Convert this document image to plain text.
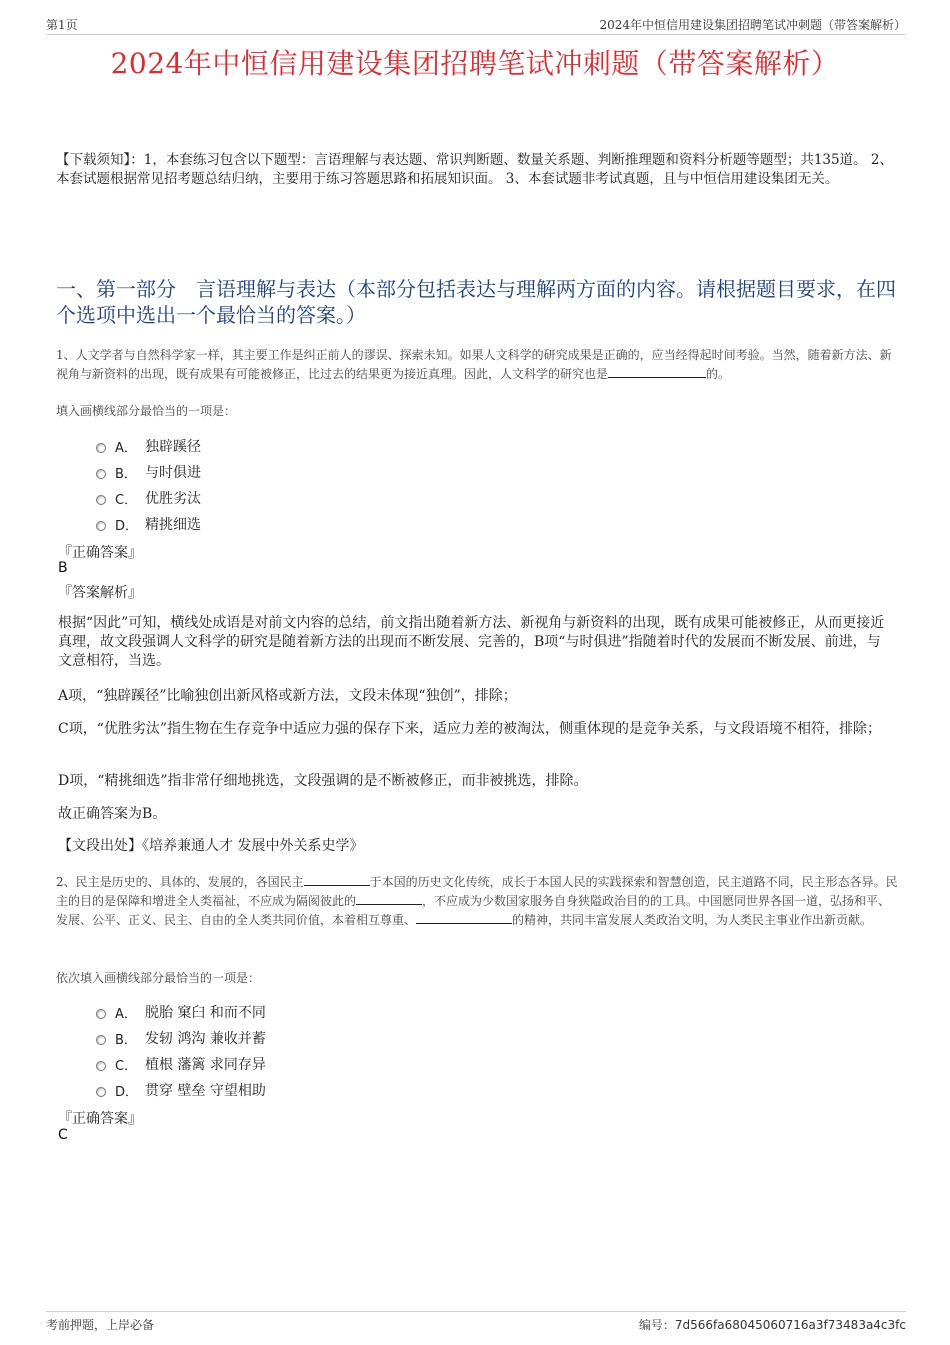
第1页	2024年中恒信用建设集团招聘笔试冲刺题（带答案解析）
2024年中恒信用建设集团招聘笔试冲刺题（带答案解析）
【下载须知】：1，本套练习包含以下题型：言语理解与表达题、常识判断题、数量关系题、判断推理题和资料分析题等题型；共135道。 2、本套试题根据常见招考题总结归纳，主要用于练习答题思路和拓展知识面。 3、本套试题非考试真题，且与中恒信用建设集团无关。
一、第一部分　言语理解与表达（本部分包括表达与理解两方面的内容。请根据题目要求，在四个选项中选出一个最恰当的答案。）
1、人文学者与自然科学家一样，其主要工作是纠正前人的谬误、探索未知。如果人文科学的研究成果是正确的，应当经得起时间考验。当然，随着新方法、新视角与新资料的出现，既有成果有可能被修正，比过去的结果更为接近真理。因此，人文科学的研究也是	的。
填入画横线部分最恰当的一项是：
A． 独辟蹊径
B． 与时俱进
C． 优胜劣汰
D． 精挑细选
『正确答案』
B
『答案解析』
根据“因此”可知，横线处成语是对前文内容的总结，前文指出随着新方法、新视角与新资料的出现，既有成果可能被修正，从而更接近真理，故文段强调人文科学的研究是随着新方法的出现而不断发展、完善的，B项“与时俱进”指随着时代的发展而不断发展、前进，与文意相符，当选。
A项，“独辟蹊径”比喻独创出新风格或新方法，文段未体现“独创”，排除；
C项，“优胜劣汰”指生物在生存竞争中适应力强的保存下来，适应力差的被淘汰，侧重体现的是竞争关系，与文段语境不相符，排除；
D项，“精挑细选”指非常仔细地挑选，文段强调的是不断被修正，而非被挑选，排除。
故正确答案为B。
【文段出处】《培养兼通人才 发展中外关系史学》
2、民主是历史的、具体的、发展的，各国民主	于本国的历史文化传统，成长于本国人民的实践探索和智慧创造，民主道路不同，民主形态各异。民主的目的是保障和增进全人类福祉，不应成为隔阂彼此的	，不应成为少数国家服务自身狭隘政治目的的工具。中国愿同世界各国一道，弘扬和平、发展、公平、正义、民主、自由的全人类共同价值，本着相互尊重、	的精神，共同丰富发展人类政治文明，为人类民主事业作出新贡献。
依次填入画横线部分最恰当的一项是：
A． 脱胎 窠臼 和而不同
B． 发轫 鸿沟 兼收并蓄
C． 植根 藩篱 求同存异
D． 贯穿 壁垒 守望相助
『正确答案』
C
考前押题，上岸必备	编号：7d566fa68045060716a3f73483a4c3fc
